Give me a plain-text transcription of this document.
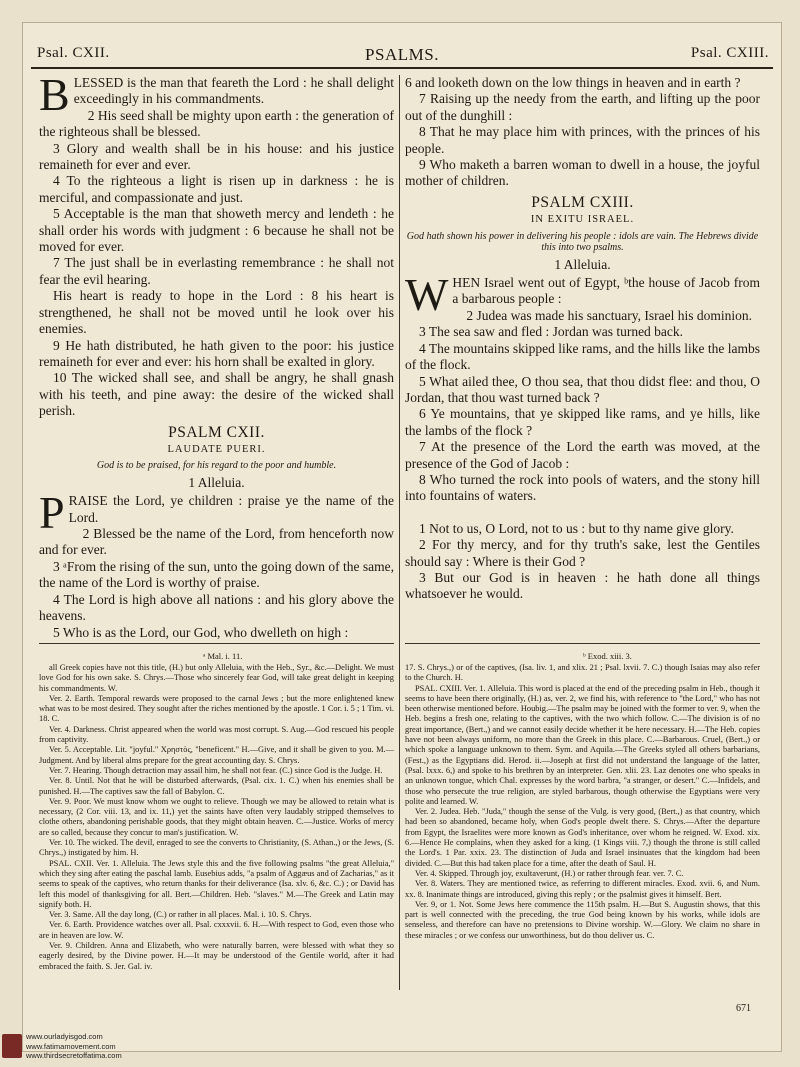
Psal. CXII.	PSALMS.	Psal. CXIII.
B LESSED is the man that feareth the Lord : he shall delight exceedingly in his commandments.

2 His seed shall be mighty upon earth : the generation of the righteous shall be blessed.

3 Glory and wealth shall be in his house: and his justice remaineth for ever and ever.

4 To the righteous a light is risen up in darkness : he is merciful, and compassionate and just.

5 Acceptable is the man that showeth mercy and lendeth : he shall order his words with judgment : 6 because he shall not be moved for ever.

7 The just shall be in everlasting remembrance : he shall not fear the evil hearing.

His heart is ready to hope in the Lord : 8 his heart is strengthened, he shall not be moved until he look over his enemies.

9 He hath distributed, he hath given to the poor: his justice remaineth for ever and ever: his horn shall be exalted in glory.

10 The wicked shall see, and shall be angry, he shall gnash with his teeth, and pine away: the desire of the wicked shall perish.

PSALM CXII.
LAUDATE PUERI.
God is to be praised, for his regard to the poor and humble.
1 Alleluia.
P RAISE the Lord, ye children : praise ye the name of the Lord.

2 Blessed be the name of the Lord, from henceforth now and for ever.

3 ᵃFrom the rising of the sun, unto the going down of the same, the name of the Lord is worthy of praise.

4 The Lord is high above all nations : and his glory above the heavens.

5 Who is as the Lord, our God, who dwelleth on high :

6 and looketh down on the low things in heaven and in earth ?

7 Raising up the needy from the earth, and lifting up the poor out of the dunghill :

8 That he may place him with princes, with the princes of his people.

9 Who maketh a barren woman to dwell in a house, the joyful mother of children.

PSALM CXIII.
IN EXITU ISRAEL.
God hath shown his power in delivering his people : idols are vain. The Hebrews divide this into two psalms.
1 Alleluia.
W HEN Israel went out of Egypt, ᵇthe house of Jacob from a barbarous people :

2 Judea was made his sanctuary, Israel his dominion.

3 The sea saw and fled : Jordan was turned back.

4 The mountains skipped like rams, and the hills like the lambs of the flock.

5 What ailed thee, O thou sea, that thou didst flee: and thou, O Jordan, that thou wast turned back ?

6 Ye mountains, that ye skipped like rams, and ye hills, like the lambs of the flock ?

7 At the presence of the Lord the earth was moved, at the presence of the God of Jacob :

8 Who turned the rock into pools of waters, and the stony hill into fountains of waters.

1 Not to us, O Lord, not to us : but to thy name give glory.

2 For thy mercy, and for thy truth's sake, lest the Gentiles should say : Where is their God ?

3 But our God is in heaven : he hath done all things whatsoever he would.

ᵃ Mal. i. 11.	ᵇ Exod. xiii. 3.

all Greek copies have not this title, (H.) but only Alleluia, with the Heb., Syr., &c.—Delight. We must love God for his own sake. S. Chrys.—Those who sincerely fear God, will take great delight in keeping his commandments. W.

Ver. 2. Earth. Temporal rewards were proposed to the carnal Jews ; but the more enlightened knew what was to be most desired. They sought after the riches mentioned by the apostle. 1 Cor. i. 5 ; 1 Tim. vi. 18. C.

Ver. 4. Darkness. Christ appeared when the world was most corrupt. S. Aug.—God rescued his people from captivity.

Ver. 5. Acceptable. Lit. "joyful." Χρηστὸς, "beneficent." H.—Give, and it shall be given to you. M.—Judgment. And by liberal alms prepare for the great accounting day. S. Chrys.

Ver. 7. Hearing. Though detraction may assail him, he shall not fear. (C.) since God is the Judge. H.

Ver. 8. Until. Not that he will be disturbed afterwards, (Psal. cix. 1. C.) when his enemies shall be punished. H.—The captives saw the fall of Babylon. C.

Ver. 9. Poor. We must know whom we ought to relieve. Though we may be allowed to retain what is necessary, (2 Cor. viii. 13, and ix. 11,) yet the saints have often very laudably stripped themselves to clothe others, abandoning perishable goods, that they might obtain heaven. C.—Justice. Works of mercy are so called, because they concur to man's justification. W.

Ver. 10. The wicked. The devil, enraged to see the converts to Christianity, (S. Athan.,) or the Jews, (S. Chrys.,) instigated by him. H.

PSAL. CXII. Ver. 1. Alleluia. The Jews style this and the five following psalms "the great Alleluia," which they sing after eating the paschal lamb. Eusebius adds, "a psalm of Aggæus and of Zacharias," as it seems to speak of the captives, who return thanks for their deliverance (Isa. xlv. 6, &c. C.) ; or David has left this model of thanksgiving for all. Bert.—Children. Heb. "slaves." M.—The Greek and Latin may signify both. H.

Ver. 3. Same. All the day long, (C.) or rather in all places. Mal. i. 10. S. Chrys.

Ver. 6. Earth. Providence watches over all. Psal. cxxxvii. 6. H.—With respect to God, even those who are in heaven are low. W.

Ver. 9. Children. Anna and Elizabeth, who were naturally barren, were blessed with what they so eagerly desired, by the Divine power. H.—It may be understood of the Gentile world, after it had embraced the faith. S. Jer. Gal. iv.

17. S. Chrys.,) or of the captives, (Isa. liv. 1, and xlix. 21 ; Psal. lxvii. 7. C.) though Isaias may also refer to the Church. H.

PSAL. CXIII. Ver. 1. Alleluia. This word is placed at the end of the preceding psalm in Heb., though it seems to have been there originally, (H.) as, ver. 2, we find his, with reference to "the Lord," who has not been otherwise mentioned before. Houbig.—The psalm may be joined with the former to ver. 9, when the Heb. begins a fresh one, relating to the captives, with the two which follow. C.—The division is of no great importance, (Bert.,) and we cannot easily decide whether it be here necessary. H.—The Heb. copies have not been always uniform, no more than the Greek in this place. C.—Barbarous. Cruel, (Bert.,) or which spoke a language unknown to them. Sym. and Aquila.—The Greeks styled all others barbarians, (Fest.,) as the Egyptians did. Herod. ii.—Joseph at first did not understand the language of the latter, (Psal. lxxx. 6,) and spoke to his brethren by an interpreter. Gen. xlii. 23. Laz denotes one who speaks in an unknown tongue, which Chal. expresses by the word barbra, "a stranger, or desert." C.—Infidels, and those who persecute the true religion, are styled barbarous, though otherwise the Egyptians were very polite and learned. W.

Ver. 2. Judea. Heb. "Juda," though the sense of the Vulg. is very good, (Bert.,) as that country, which had been so abandoned, became holy, when God's people dwelt there. S. Chrys.—After the departure from Egypt, the Israelites were more known as God's inheritance, over whom he reigned. W. Exod. xix. 6.—Hence He complains, when they asked for a king. (1 Kings viii. 7,) though the throne is still called the Lord's. 1 Par. xxix. 23. The distinction of Juda and Israel insinuates that the kingdom had been divided. C.—But this had taken place for a time, after the death of Saul. H.

Ver. 4. Skipped. Through joy, exultaverunt, (H.) or rather through fear. ver. 7. C.

Ver. 8. Waters. They are mentioned twice, as referring to different miracles. Exod. xvii. 6, and Num. xx. 8. Inanimate things are introduced, giving this reply ; or the psalmist gives it himself. Bert.

Ver. 9, or 1. Not. Some Jews here commence the 115th psalm. H.—But S. Augustin shows, that this part is well connected with the preceding, the true God being known by his works, while idols are senseless, and therefore can have no pretensions to Divine worship. W.—Glory. We claim no share in these miracles ; or we confess our unworthiness, but do thou deliver us. C.

671
www.ourladyisgod.com
www.fatimamovement.com
www.thirdsecretoffatima.com
